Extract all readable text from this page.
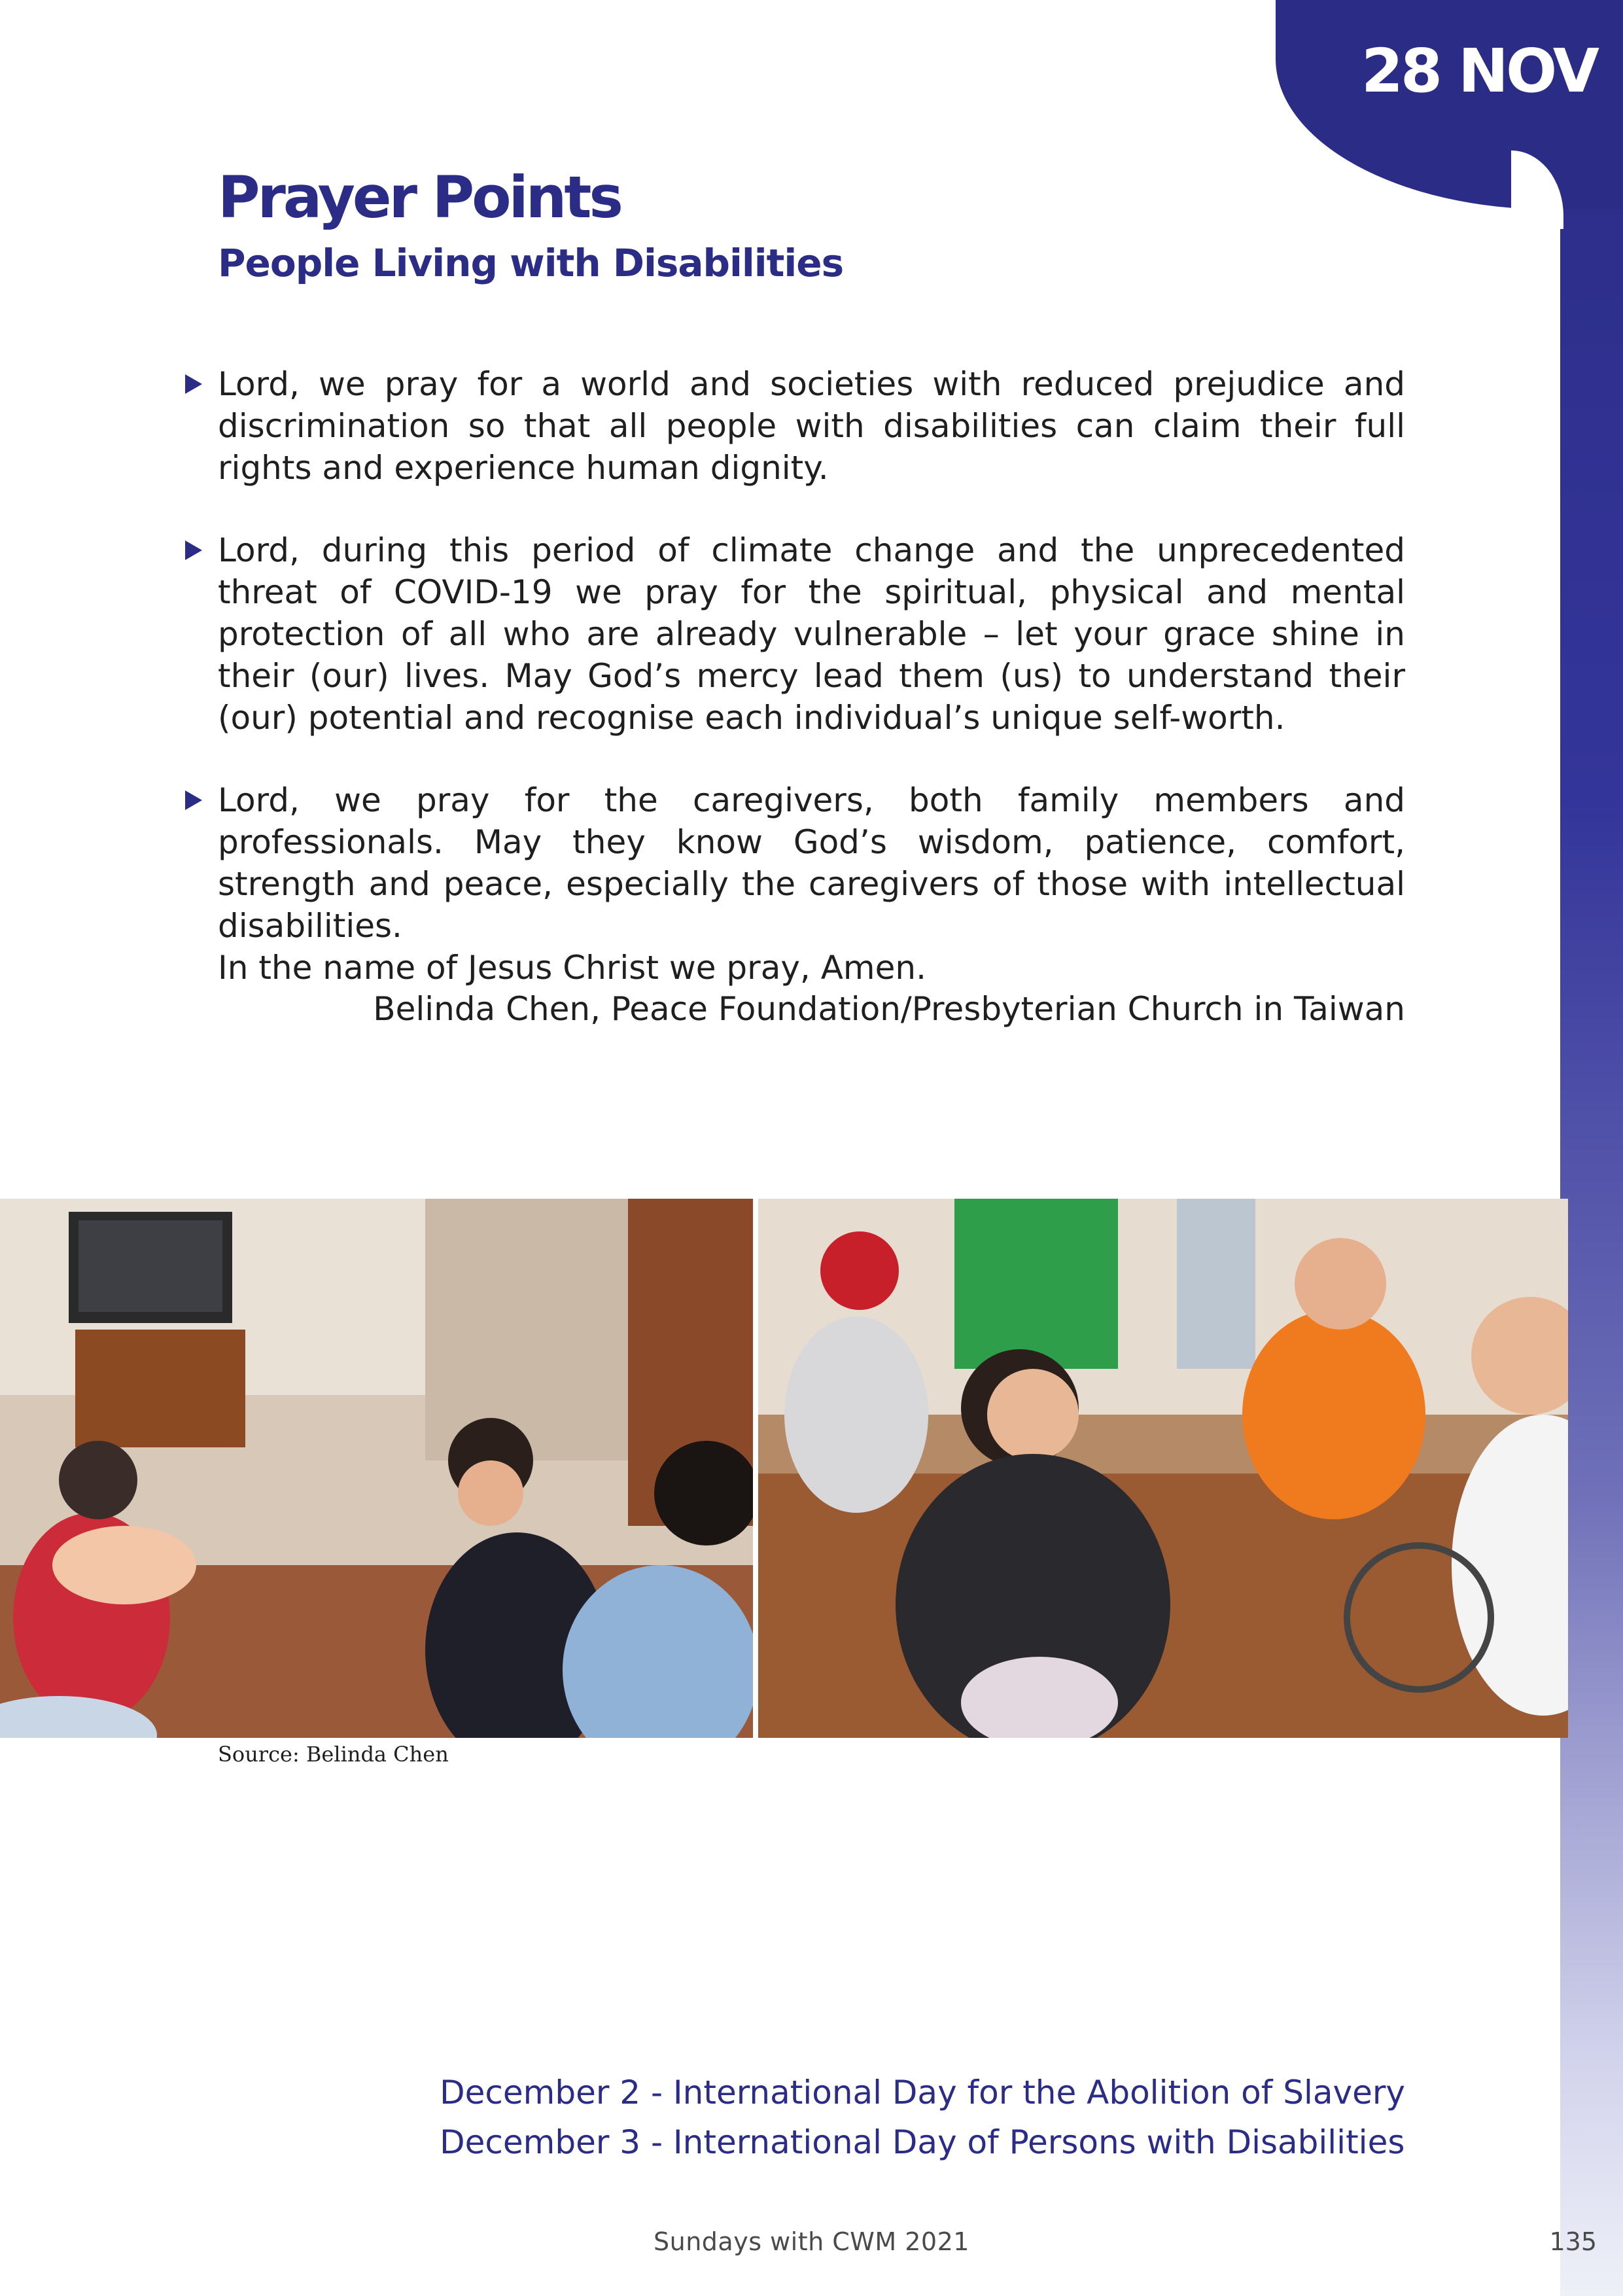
28 NOV
Prayer Points
People Living with Disabilities
Lord, we pray for a world and societies with reduced prejudice and discrimination so that all people with disabilities can claim their full rights and experience human dignity.
Lord, during this period of climate change and the unprecedented threat of COVID-19 we pray for the spiritual, physical and mental protection of all who are already vulnerable – let your grace shine in their (our) lives. May God’s mercy lead them (us) to understand their (our) potential and recognise each individual’s unique self-worth.
Lord, we pray for the caregivers, both family members and professionals. May they know God’s wisdom, patience, comfort, strength and peace, especially the caregivers of those with intellectual disabilities.
In the name of Jesus Christ we pray, Amen.
Belinda Chen, Peace Foundation/Presbyterian Church in Taiwan
Source: Belinda Chen
December 2 - International Day for the Abolition of Slavery
December 3 - International Day of Persons with Disabilities
Sundays with CWM 2021	135
